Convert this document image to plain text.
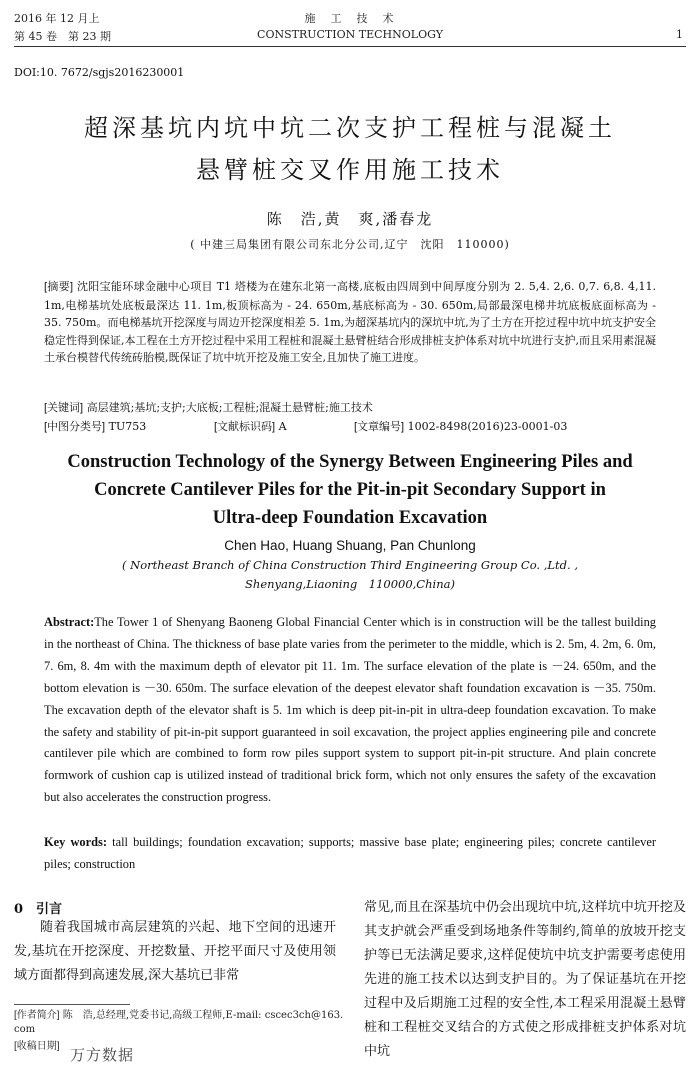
2016 年 12 月上
第 45 卷　第 23 期
施　工　技　术
CONSTRUCTION TECHNOLOGY	1
DOI:10. 7672/sgjs2016230001
超深基坑内坑中坑二次支护工程桩与混凝土
悬臂桩交叉作用施工技术
陈　浩,黄　爽,潘春龙
( 中建三局集团有限公司东北分公司,辽宁　沈阳　110000)
[摘要] 沈阳宝能环球金融中心项目 T1 塔楼为在建东北第一高楼,底板由四周到中间厚度分别为 2. 5,4. 2,6. 0,7. 6,8. 4,11. 1m,电梯基坑处底板最深达 11. 1m,板顶标高为 - 24. 650m,基底标高为 - 30. 650m,局部最深电梯井坑底板底面标高为 - 35. 750m。而电梯基坑开挖深度与周边开挖深度相差 5. 1m,为超深基坑内的深坑中坑,为了土方在开挖过程中坑中坑支护安全稳定性得到保证,本工程在土方开挖过程中采用工程桩和混凝土悬臂桩结合形成排桩支护体系对坑中坑进行支护,而且采用素混凝土承台模替代传统砖胎模,既保证了坑中坑开挖及施工安全,且加快了施工进度。
[关键词] 高层建筑;基坑;支护;大底板;工程桩;混凝土悬臂桩;施工技术
[中图分类号] TU753	[文献标识码] A	[文章编号] 1002-8498(2016)23-0001-03
Construction Technology of the Synergy Between Engineering Piles and
Concrete Cantilever Piles for the Pit-in-pit Secondary Support in
Ultra-deep Foundation Excavation
Chen Hao, Huang Shuang, Pan Chunlong
( Northeast Branch of China Construction Third Engineering Group Co. ,Ltd. ,
Shenyang,Liaoning　110000,China)
Abstract:The Tower 1 of Shenyang Baoneng Global Financial Center which is in construction will be the tallest building in the northeast of China. The thickness of base plate varies from the perimeter to the middle, which is 2. 5m, 4. 2m, 6. 0m, 7. 6m, 8. 4m with the maximum depth of elevator pit 11. 1m. The surface elevation of the plate is －24. 650m, and the bottom elevation is －30. 650m. The surface elevation of the deepest elevator shaft foundation excavation is －35. 750m. The excavation depth of the elevator shaft is 5. 1m which is deep pit-in-pit in ultra-deep foundation excavation. To make the safety and stability of pit-in-pit support guaranteed in soil excavation, the project applies engineering pile and concrete cantilever pile which are combined to form row piles support system to support pit-in-pit structure. And plain concrete formwork of cushion cap is utilized instead of traditional brick form, which not only ensures the safety of the excavation but also accelerates the construction progress.
Key words: tall buildings; foundation excavation; supports; massive base plate; engineering piles; concrete cantilever piles; construction
0　引言
随着我国城市高层建筑的兴起、地下空间的迅速开发,基坑在开挖深度、开挖数量、开挖平面尺寸及使用领域方面都得到高速发展,深大基坑已非常
常见,而且在深基坑中仍会出现坑中坑,这样坑中坑开挖及其支护就会严重受到场地条件等制约,简单的放坡开挖支护等已无法满足要求,这样促使坑中坑支护需要考虑使用先进的施工技术以达到支护目的。为了保证基坑在开挖过程中及后期施工过程的安全性,本工程采用混凝土悬臂桩和工程桩交叉结合的方式使之形成排桩支护体系对坑中坑
[作者简介] 陈　浩,总经理,党委书记,高级工程师,E-mail: cscec3ch@163. com
[收稿日期]
万方数据
